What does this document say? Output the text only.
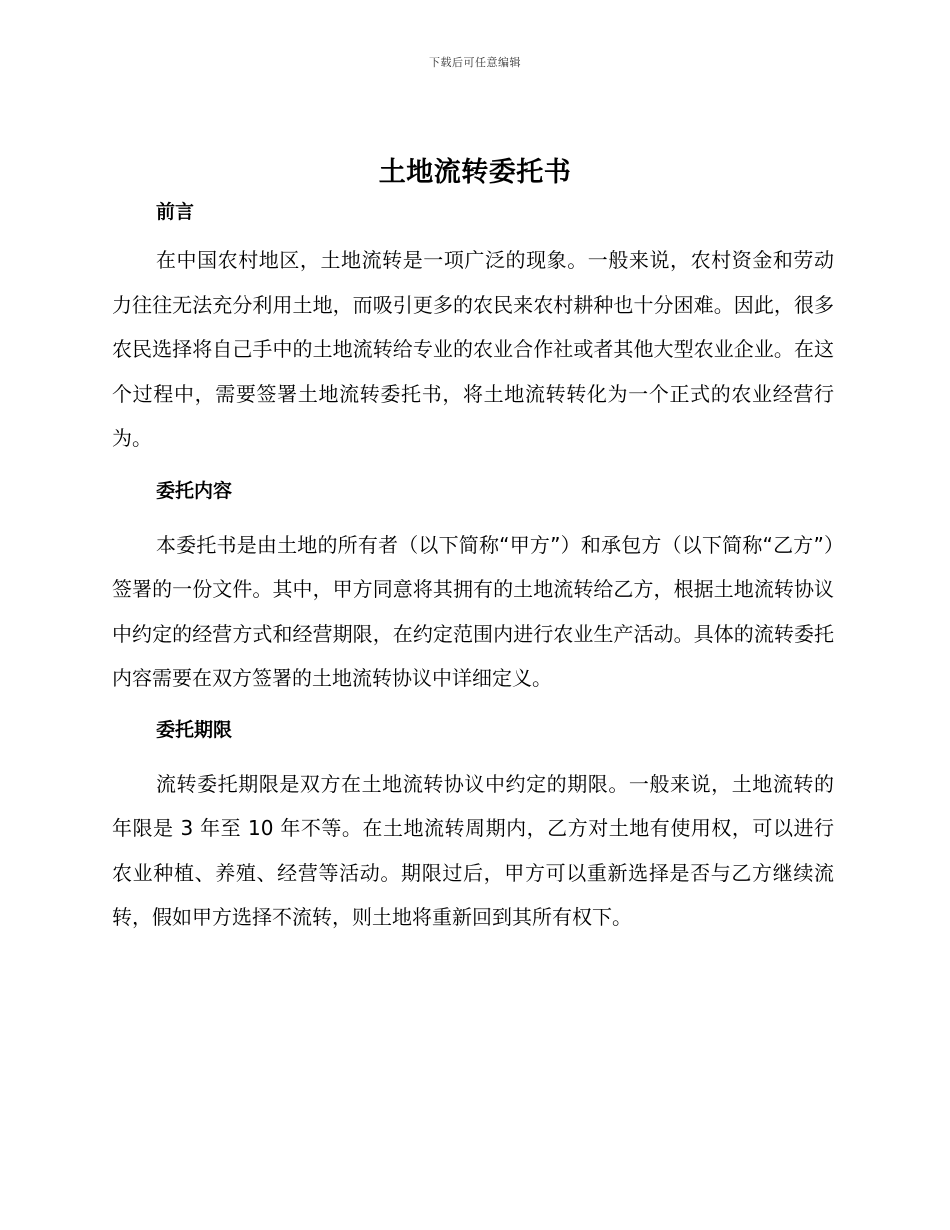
下载后可任意编辑
土地流转委托书
前言

在中国农村地区，土地流转是一项广泛的现象。一般来说，农村资金和劳动力往往无法充分利用土地，而吸引更多的农民来农村耕种也十分困难。因此，很多农民选择将自己手中的土地流转给专业的农业合作社或者其他大型农业企业。在这个过程中，需要签署土地流转委托书，将土地流转转化为一个正式的农业经营行为。

委托内容

本委托书是由土地的所有者（以下简称“甲方”）和承包方（以下简称“乙方”）签署的一份文件。其中，甲方同意将其拥有的土地流转给乙方，根据土地流转协议中约定的经营方式和经营期限，在约定范围内进行农业生产活动。具体的流转委托内容需要在双方签署的土地流转协议中详细定义。

委托期限

流转委托期限是双方在土地流转协议中约定的期限。一般来说，土地流转的年限是 3 年至 10 年不等。在土地流转周期内，乙方对土地有使用权，可以进行农业种植、养殖、经营等活动。期限过后，甲方可以重新选择是否与乙方继续流转，假如甲方选择不流转，则土地将重新回到其所有权下。
